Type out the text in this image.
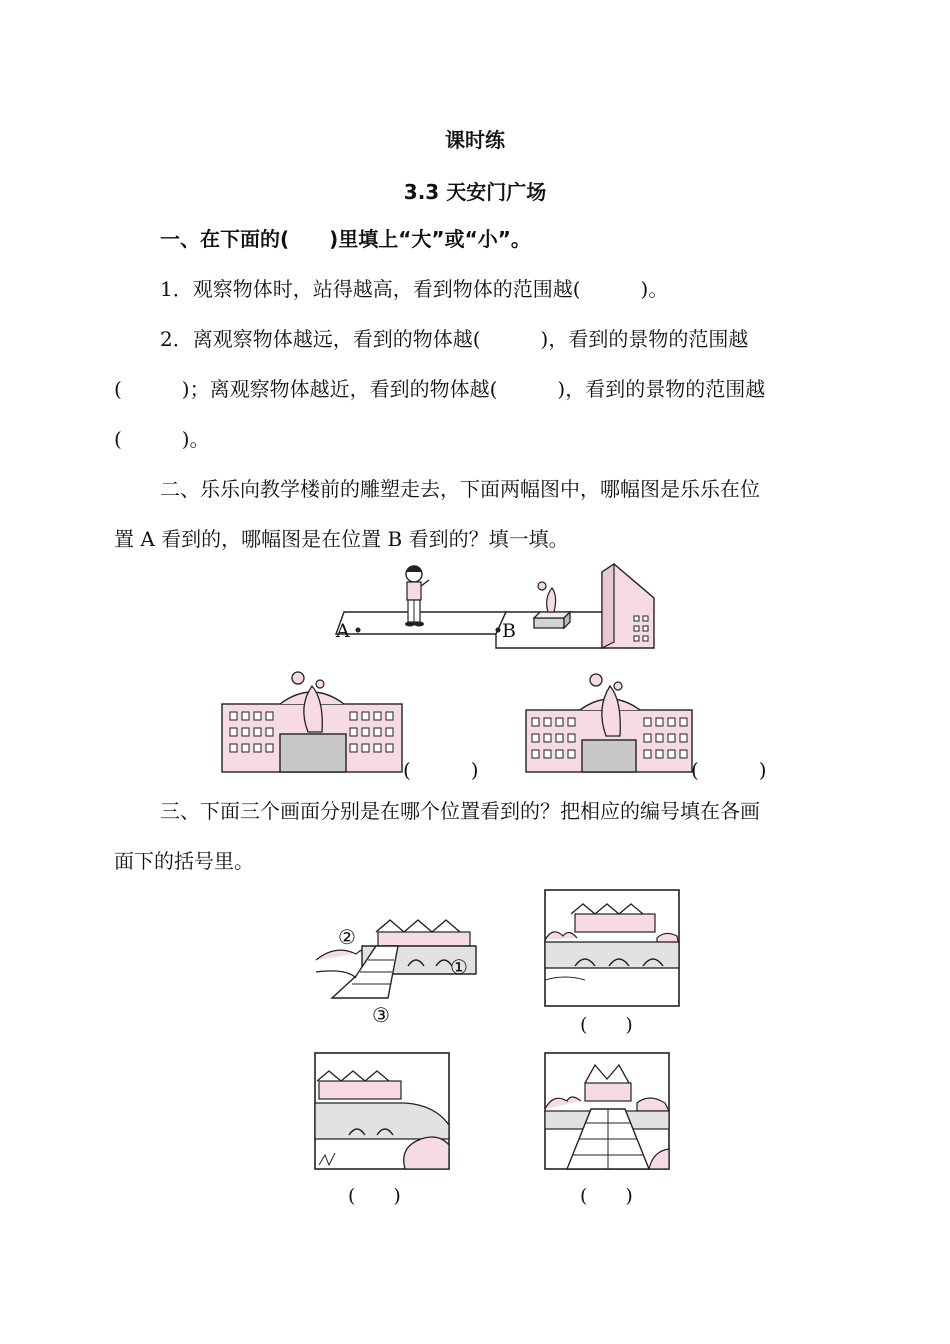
课时练
3.3 天安门广场
一、在下面的(　　)里填上“大”或“小”。
1．观察物体时，站得越高，看到物体的范围越(　　　)。
2．离观察物体越远，看到的物体越(　　　)，看到的景物的范围越
(　　　)；离观察物体越近，看到的物体越(　　　)，看到的景物的范围越
(　　　)。
二、乐乐向教学楼前的雕塑走去，下面两幅图中，哪幅图是乐乐在位
置 A 看到的，哪幅图是在位置 B 看到的？填一填。
A	B
(　　　)	(　　　)
三、下面三个画面分别是在哪个位置看到的？把相应的编号填在各画
面下的括号里。
②
①
③	(　　)
(　　)	(　　)
